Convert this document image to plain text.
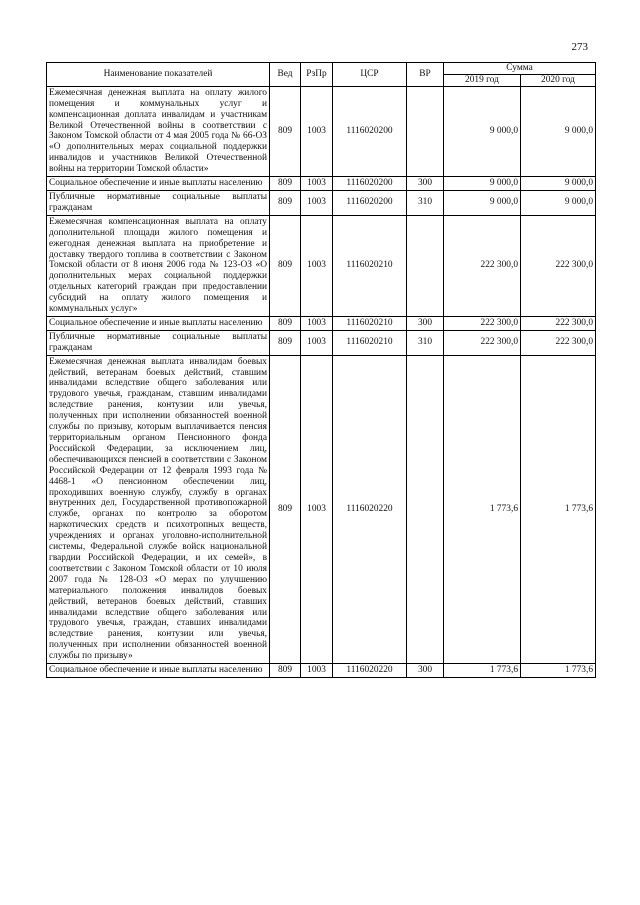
273
Наименование показателей	Вед	РзПр	ЦСР	ВР	Сумма	
					2019 год	2020 год
Ежемесячная денежная выплата на оплату жилого помещения и коммунальных услуг и компенсационная доплата инвалидам и участникам Великой Отечественной войны в соответствии с Законом Томской области от 4 мая 2005 года № 66-ОЗ «О дополнительных мерах социальной поддержки инвалидов и участников Великой Отечественной войны на территории Томской области»	809	1003	1116020200		9 000,0	9 000,0
Социальное обеспечение и иные выплаты населению	809	1003	1116020200	300	9 000,0	9 000,0
Публичные нормативные социальные выплаты гражданам	809	1003	1116020200	310	9 000,0	9 000,0
Ежемесячная компенсационная выплата на оплату дополнительной площади жилого помещения и ежегодная денежная выплата на приобретение и доставку твердого топлива в соответствии с Законом Томской области от 8 июня 2006 года № 123-ОЗ «О дополнительных мерах социальной поддержки отдельных категорий граждан при предоставлении субсидий на оплату жилого помещения и коммунальных услуг»	809	1003	1116020210		222 300,0	222 300,0
Социальное обеспечение и иные выплаты населению	809	1003	1116020210	300	222 300,0	222 300,0
Публичные нормативные социальные выплаты гражданам	809	1003	1116020210	310	222 300,0	222 300,0
Ежемесячная денежная выплата инвалидам боевых действий, ветеранам боевых действий, ставшим инвалидами вследствие общего заболевания или трудового увечья, гражданам, ставшим инвалидами вследствие ранения, контузии или увечья, полученных при исполнении обязанностей военной службы по призыву, которым выплачивается пенсия территориальным органом Пенсионного фонда Российской Федерации, за исключением лиц, обеспечивающихся пенсией в соответствии с Законом Российской Федерации от 12 февраля 1993 года № 4468-1 «О пенсионном обеспечении лиц, проходивших военную службу, службу в органах внутренних дел, Государственной противопожарной службе, органах по контролю за оборотом наркотических средств и психотропных веществ, учреждениях и органах уголовно-исполнительной системы, Федеральной службе войск национальной гвардии Российской Федерации, и их семей», в соответствии с Законом Томской области от 10 июля 2007 года № 128-ОЗ «О мерах по улучшению материального положения инвалидов боевых действий, ветеранов боевых действий, ставших инвалидами вследствие общего заболевания или трудового увечья, граждан, ставших инвалидами вследствие ранения, контузии или увечья, полученных при исполнении обязанностей военной службы по призыву»	809	1003	1116020220		1 773,6	1 773,6
Социальное обеспечение и иные выплаты населению	809	1003	1116020220	300	1 773,6	1 773,6
